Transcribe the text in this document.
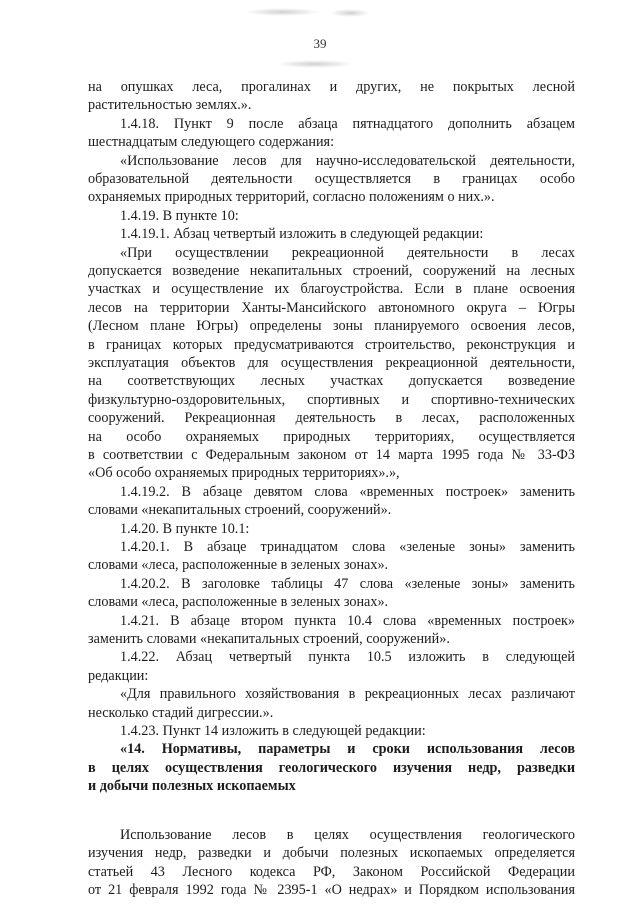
39
на опушках леса, прогалинах и других, не покрытых лесной
растительностью землях.».
1.4.18. Пункт 9 после абзаца пятнадцатого дополнить абзацем
шестнадцатым следующего содержания:
«Использование лесов для научно-исследовательской деятельности,
образовательной деятельности осуществляется в границах особо
охраняемых природных территорий, согласно положениям о них.».
1.4.19. В пункте 10:
1.4.19.1. Абзац четвертый изложить в следующей редакции:
«При осуществлении рекреационной деятельности в лесах
допускается возведение некапитальных строений, сооружений на лесных
участках и осуществление их благоустройства. Если в плане освоения
лесов на территории Ханты-Мансийского автономного округа – Югры
(Лесном плане Югры) определены зоны планируемого освоения лесов,
в границах которых предусматриваются строительство, реконструкция и
эксплуатация объектов для осуществления рекреационной деятельности,
на соответствующих лесных участках допускается возведение
физкультурно-оздоровительных, спортивных и спортивно-технических
сооружений. Рекреационная деятельность в лесах, расположенных
на особо охраняемых природных территориях, осуществляется
в соответствии с Федеральным законом от 14 марта 1995 года № 33-ФЗ
«Об особо охраняемых природных территориях».»,
1.4.19.2. В абзаце девятом слова «временных построек» заменить
словами «некапитальных строений, сооружений».
1.4.20. В пункте 10.1:
1.4.20.1. В абзаце тринадцатом слова «зеленые зоны» заменить
словами «леса, расположенные в зеленых зонах».
1.4.20.2. В заголовке таблицы 47 слова «зеленые зоны» заменить
словами «леса, расположенные в зеленых зонах».
1.4.21. В абзаце втором пункта 10.4 слова «временных построек»
заменить словами «некапитальных строений, сооружений».
1.4.22. Абзац четвертый пункта 10.5 изложить в следующей
редакции:
«Для правильного хозяйствования в рекреационных лесах различают
несколько стадий дигрессии.».
1.4.23. Пункт 14 изложить в следующей редакции:
«14. Нормативы, параметры и сроки использования лесов
в целях осуществления геологического изучения недр, разведки
и добычи полезных ископаемых
Использование лесов в целях осуществления геологического
изучения недр, разведки и добычи полезных ископаемых определяется
статьей 43 Лесного кодекса РФ, Законом Российской Федерации
от 21 февраля 1992 года № 2395-1 «О недрах» и Порядком использования
